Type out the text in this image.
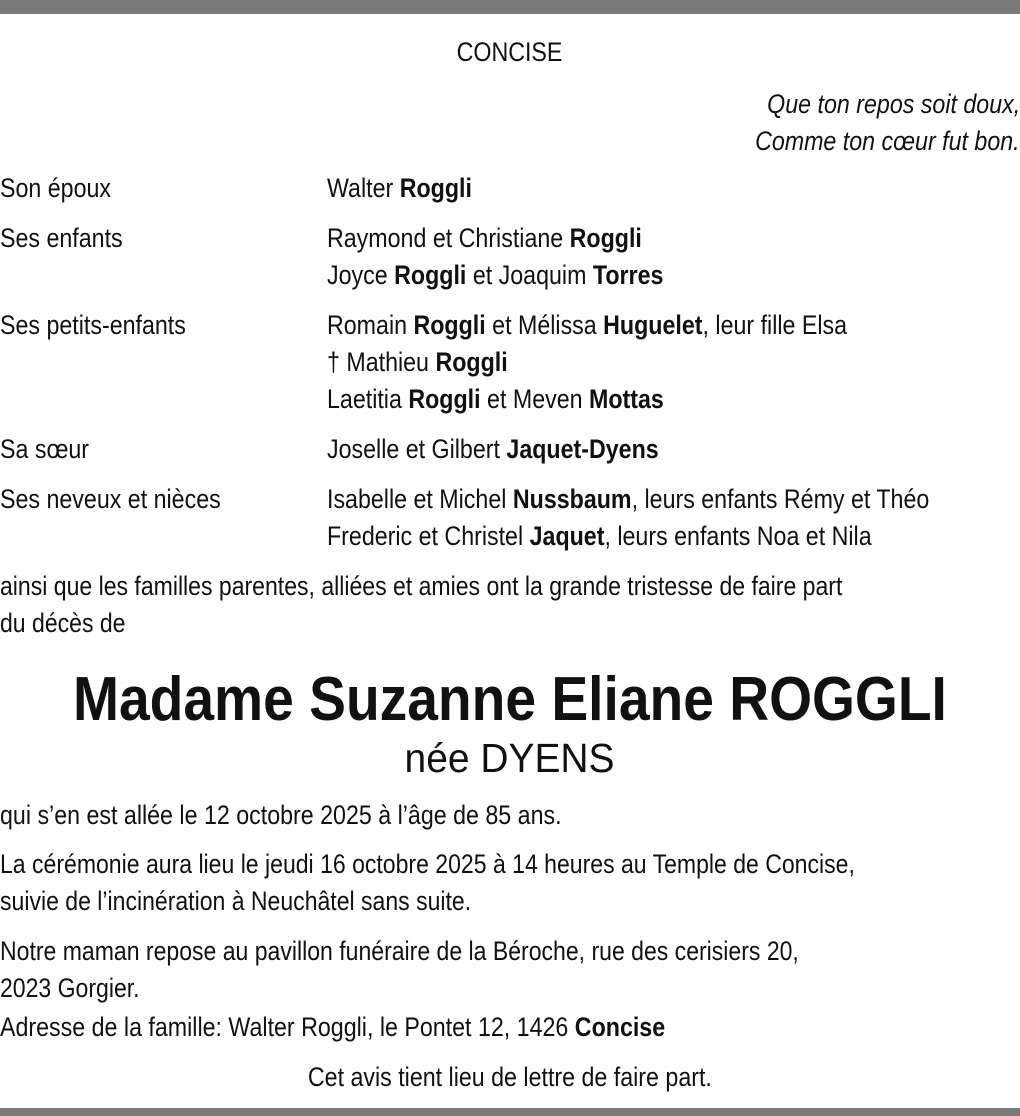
CONCISE
Que ton repos soit doux,
Comme ton cœur fut bon.
Son époux	Walter Roggli
Ses enfants	Raymond et Christiane Roggli
Joyce Roggli et Joaquim Torres
Ses petits-enfants	Romain Roggli et Mélissa Huguelet, leur fille Elsa
† Mathieu Roggli
Laetitia Roggli et Meven Mottas
Sa sœur	Joselle et Gilbert Jaquet-Dyens
Ses neveux et nièces	Isabelle et Michel Nussbaum, leurs enfants Rémy et Théo
Frederic et Christel Jaquet, leurs enfants Noa et Nila
ainsi que les familles parentes, alliées et amies ont la grande tristesse de faire part
du décès de
Madame Suzanne Eliane ROGGLI
née DYENS
qui s’en est allée le 12 octobre 2025 à l’âge de 85 ans.
La cérémonie aura lieu le jeudi 16 octobre 2025 à 14 heures au Temple de Concise,
suivie de l’incinération à Neuchâtel sans suite.
Notre maman repose au pavillon funéraire de la Béroche, rue des cerisiers 20,
2023 Gorgier.
Adresse de la famille: Walter Roggli, le Pontet 12, 1426 Concise
Cet avis tient lieu de lettre de faire part.
